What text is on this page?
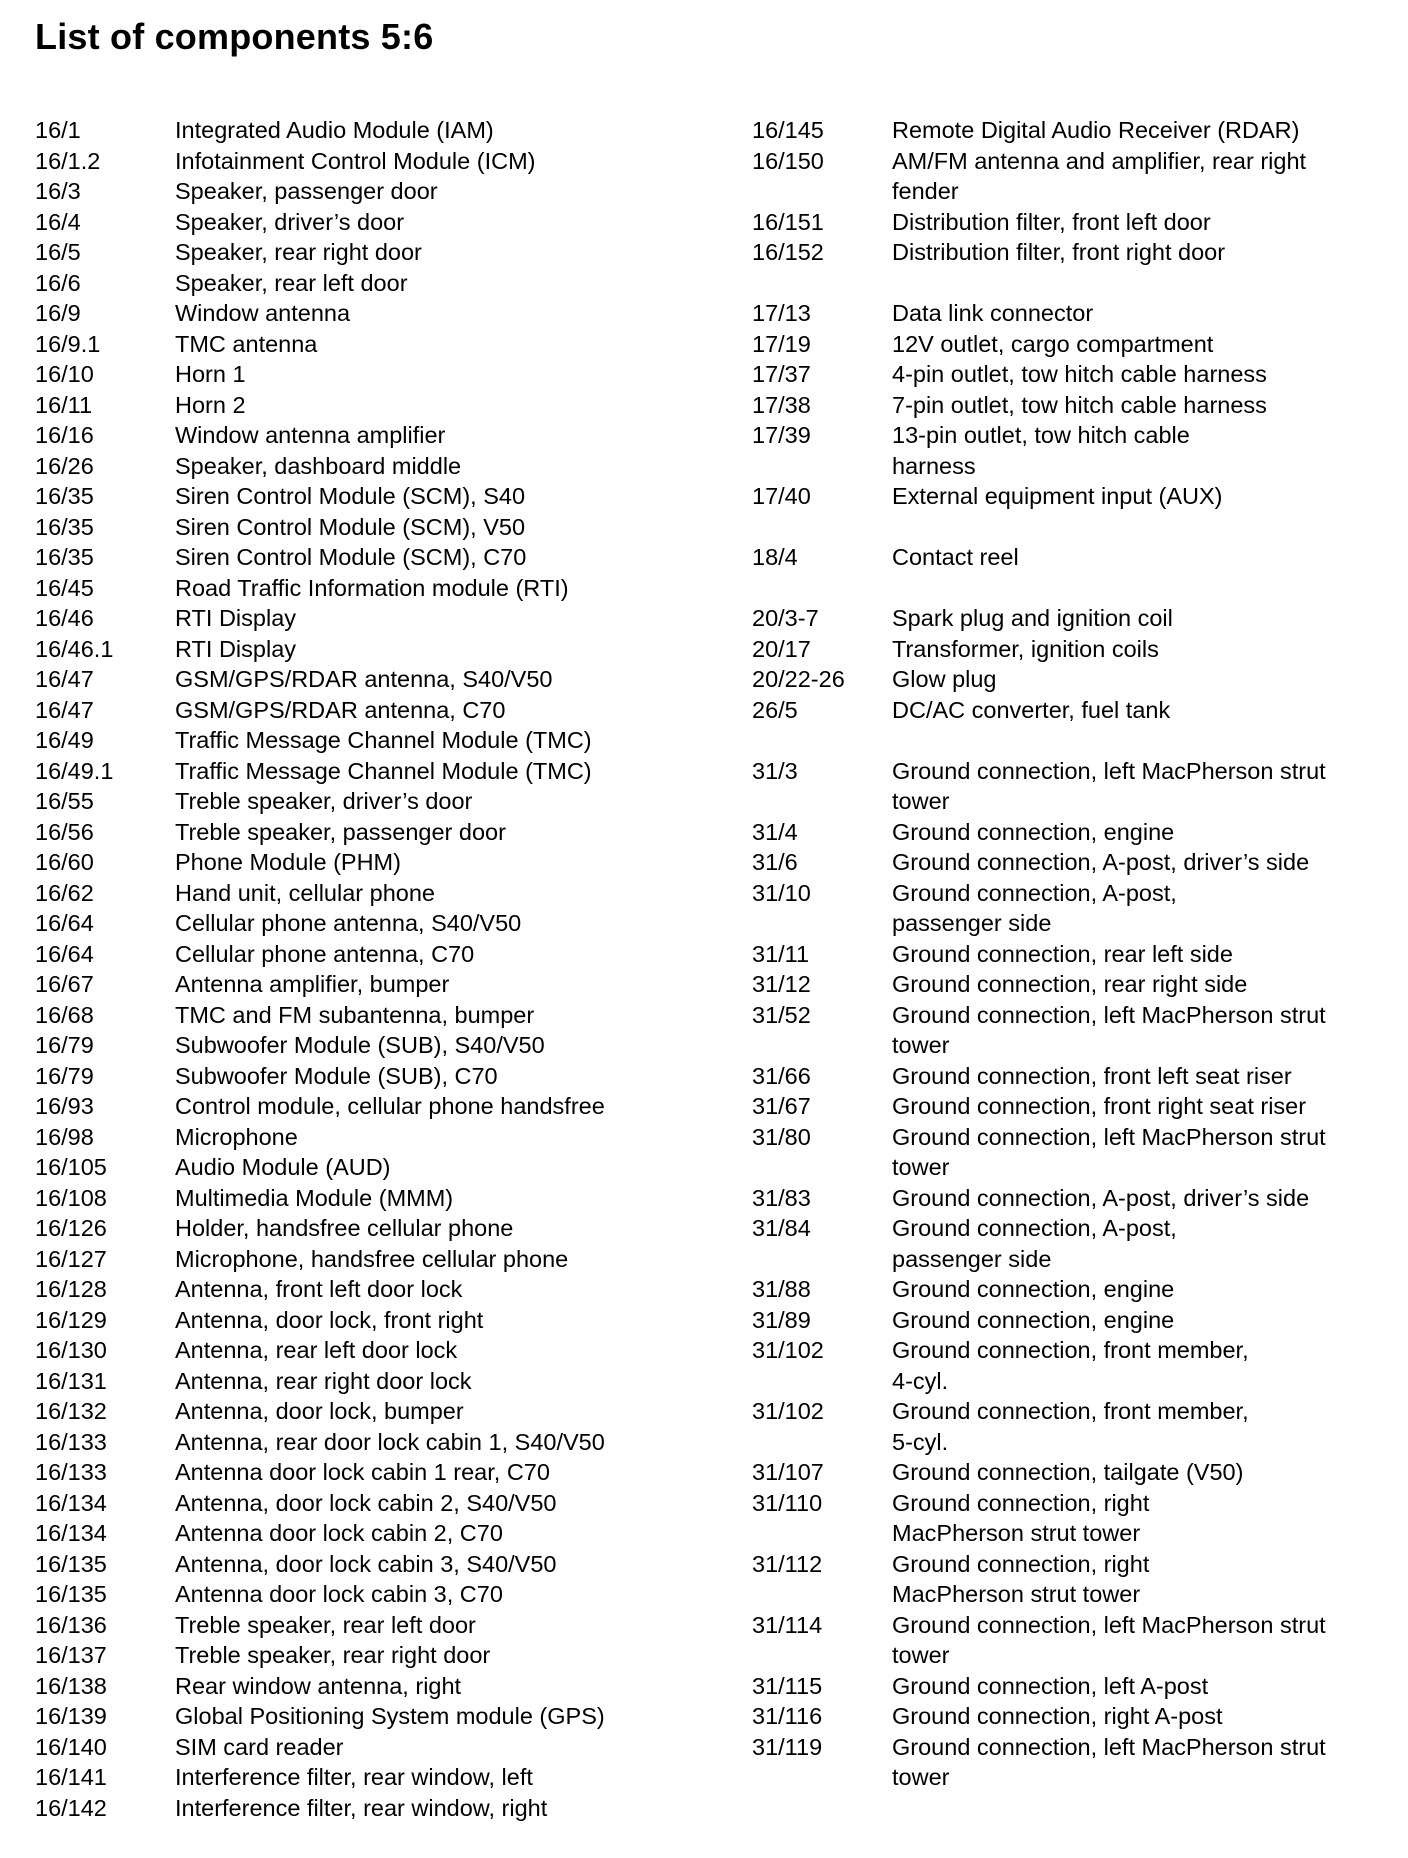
List of components 5:6
16/1	Integrated Audio Module (IAM)
16/1.2	Infotainment Control Module (ICM)
16/3	Speaker, passenger door
16/4	Speaker, driver’s door
16/5	Speaker, rear right door
16/6	Speaker, rear left door
16/9	Window antenna
16/9.1	TMC antenna
16/10	Horn 1
16/11	Horn 2
16/16	Window antenna amplifier
16/26	Speaker, dashboard middle
16/35	Siren Control Module (SCM), S40
16/35	Siren Control Module (SCM), V50
16/35	Siren Control Module (SCM), C70
16/45	Road Traffic Information module (RTI)
16/46	RTI Display
16/46.1	RTI Display
16/47	GSM/GPS/RDAR antenna, S40/V50
16/47	GSM/GPS/RDAR antenna, C70
16/49	Traffic Message Channel Module (TMC)
16/49.1	Traffic Message Channel Module (TMC)
16/55	Treble speaker, driver’s door
16/56	Treble speaker, passenger door
16/60	Phone Module (PHM)
16/62	Hand unit, cellular phone
16/64	Cellular phone antenna, S40/V50
16/64	Cellular phone antenna, C70
16/67	Antenna amplifier, bumper
16/68	TMC and FM subantenna, bumper
16/79	Subwoofer Module (SUB), S40/V50
16/79	Subwoofer Module (SUB), C70
16/93	Control module, cellular phone handsfree
16/98	Microphone
16/105	Audio Module (AUD)
16/108	Multimedia Module (MMM)
16/126	Holder, handsfree cellular phone
16/127	Microphone, handsfree cellular phone
16/128	Antenna, front left door lock
16/129	Antenna, door lock, front right
16/130	Antenna, rear left door lock
16/131	Antenna, rear right door lock
16/132	Antenna, door lock, bumper
16/133	Antenna, rear door lock cabin 1, S40/V50
16/133	Antenna door lock cabin 1 rear, C70
16/134	Antenna, door lock cabin 2, S40/V50
16/134	Antenna door lock cabin 2, C70
16/135	Antenna, door lock cabin 3, S40/V50
16/135	Antenna door lock cabin 3, C70
16/136	Treble speaker, rear left door
16/137	Treble speaker, rear right door
16/138	Rear window antenna, right
16/139	Global Positioning System module (GPS)
16/140	SIM card reader
16/141	Interference filter, rear window, left
16/142	Interference filter, rear window, right
16/145	Remote Digital Audio Receiver (RDAR)
16/150	AM/FM antenna and amplifier, rear right
fender
16/151	Distribution filter, front left door
16/152	Distribution filter, front right door
17/13	Data link connector
17/19	12V outlet, cargo compartment
17/37	4-pin outlet, tow hitch cable harness
17/38	7-pin outlet, tow hitch cable harness
17/39	13-pin outlet, tow hitch cable
harness
17/40	External equipment input (AUX)
18/4	Contact reel
20/3-7	Spark plug and ignition coil
20/17	Transformer, ignition coils
20/22-26	Glow plug
26/5	DC/AC converter, fuel tank
31/3	Ground connection, left MacPherson strut
tower
31/4	Ground connection, engine
31/6	Ground connection, A-post, driver’s side
31/10	Ground connection, A-post,
passenger side
31/11	Ground connection, rear left side
31/12	Ground connection, rear right side
31/52	Ground connection, left MacPherson strut
tower
31/66	Ground connection, front left seat riser
31/67	Ground connection, front right seat riser
31/80	Ground connection, left MacPherson strut
tower
31/83	Ground connection, A-post, driver’s side
31/84	Ground connection, A-post,
passenger side
31/88	Ground connection, engine
31/89	Ground connection, engine
31/102	Ground connection, front member,
4-cyl.
31/102	Ground connection, front member,
5-cyl.
31/107	Ground connection, tailgate (V50)
31/110	Ground connection, right
MacPherson strut tower
31/112	Ground connection, right
MacPherson strut tower
31/114	Ground connection, left MacPherson strut
tower
31/115	Ground connection, left A-post
31/116	Ground connection, right A-post
31/119	Ground connection, left MacPherson strut
tower
